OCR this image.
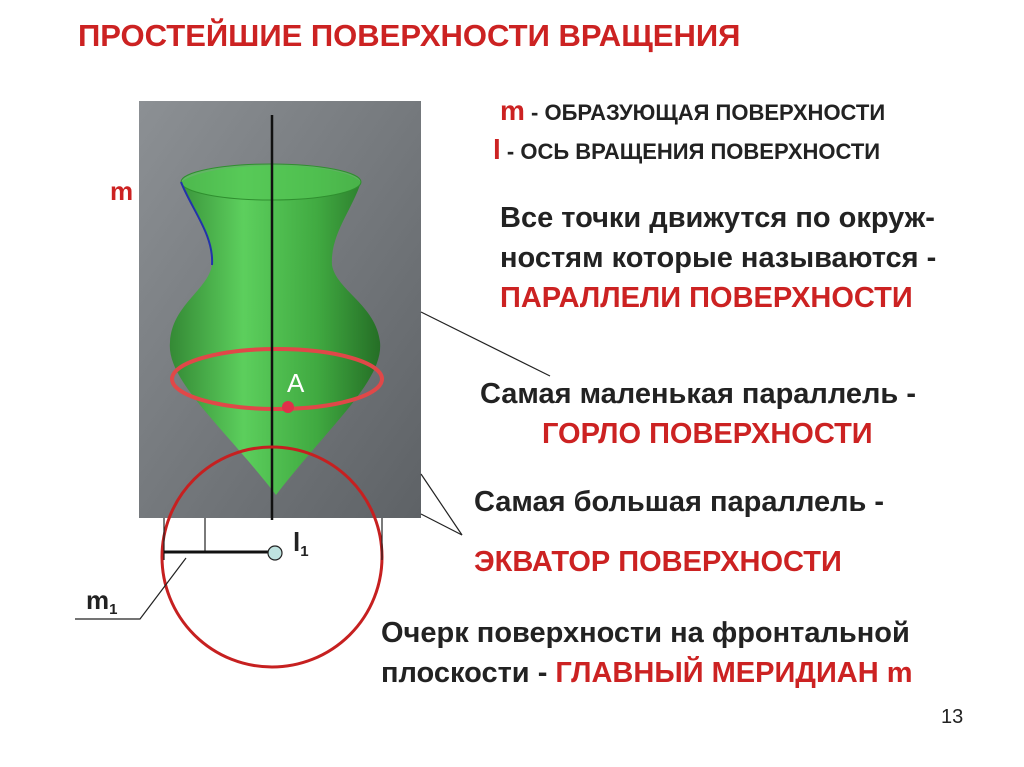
ПРОСТЕЙШИЕ ПОВЕРХНОСТИ ВРАЩЕНИЯ
m - ОБРАЗУЮЩАЯ ПОВЕРХНОСТИ
l - ОСЬ ВРАЩЕНИЯ ПОВЕРХНОСТИ
Все точки движутся по окруж-
ностям которые называются -
ПАРАЛЛЕЛИ ПОВЕРХНОСТИ
Самая маленькая параллель -
ГОРЛО ПОВЕРХНОСТИ
Самая большая параллель -
ЭКВАТОР ПОВЕРХНОСТИ
Очерк поверхности на фронтальной
плоскости - ГЛАВНЫЙ МЕРИДИАН m
m
A
$l_1$
$m_1$
13
